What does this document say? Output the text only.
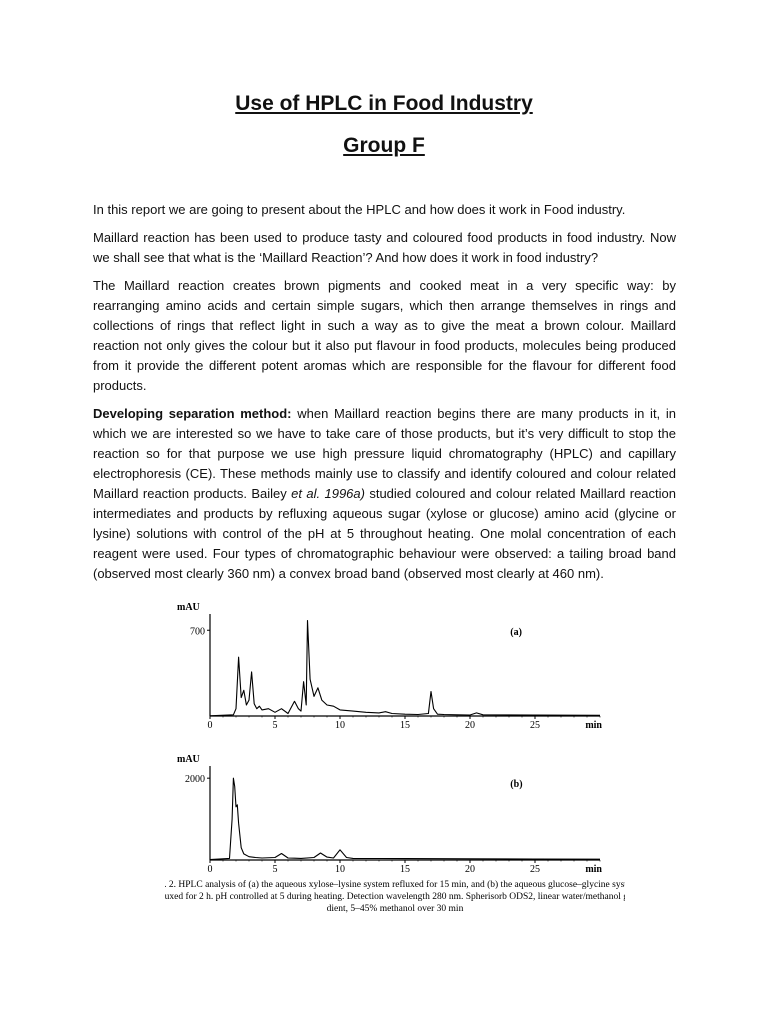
Use of HPLC in Food Industry
Group F

In this report we are going to present about the HPLC and how does it work in Food industry.

Maillard reaction has been used to produce tasty and coloured food products in food industry. Now we shall see that what is the ‘Maillard Reaction’? And how does it work in food industry?

The Maillard reaction creates brown pigments and cooked meat in a very specific way: by rearranging amino acids and certain simple sugars, which then arrange themselves in rings and collections of rings that reflect light in such a way as to give the meat a brown colour. Maillard reaction not only gives the colour but it also put flavour in food products, molecules being produced from it provide the different potent aromas which are responsible for the flavour for different food products.

Developing separation method: when Maillard reaction begins there are many products in it, in which we are interested so we have to take care of those products, but it’s very difficult to stop the reaction so for that purpose we use high pressure liquid chromatography (HPLC) and capillary electrophoresis (CE). These methods mainly use to classify and identify coloured and colour related Maillard reaction products. Bailey et al. 1996a) studied coloured and colour related Maillard reaction intermediates and products by refluxing aqueous sugar (xylose or glucose) amino acid (glycine or lysine) solutions with control of the pH at 5 throughout heating. One molal concentration of each reagent were used. Four types of chromatographic behaviour were observed: a tailing broad band (observed most clearly 360 nm) a convex broad band (observed most clearly at 460 nm).

mAU
700
0	5	10	15	20	25	min
(a)
mAU
2000
0	5	10	15	20	25	min
(b)
Fig. 2. HPLC analysis of (a) the aqueous xylose–lysine system refluxed for 15 min, and (b) the aqueous glucose–glycine system
refluxed for 2 h. pH controlled at 5 during heating. Detection wavelength 280 nm. Spherisorb ODS2, linear water/methanol gra-
dient, 5–45% methanol over 30 min
